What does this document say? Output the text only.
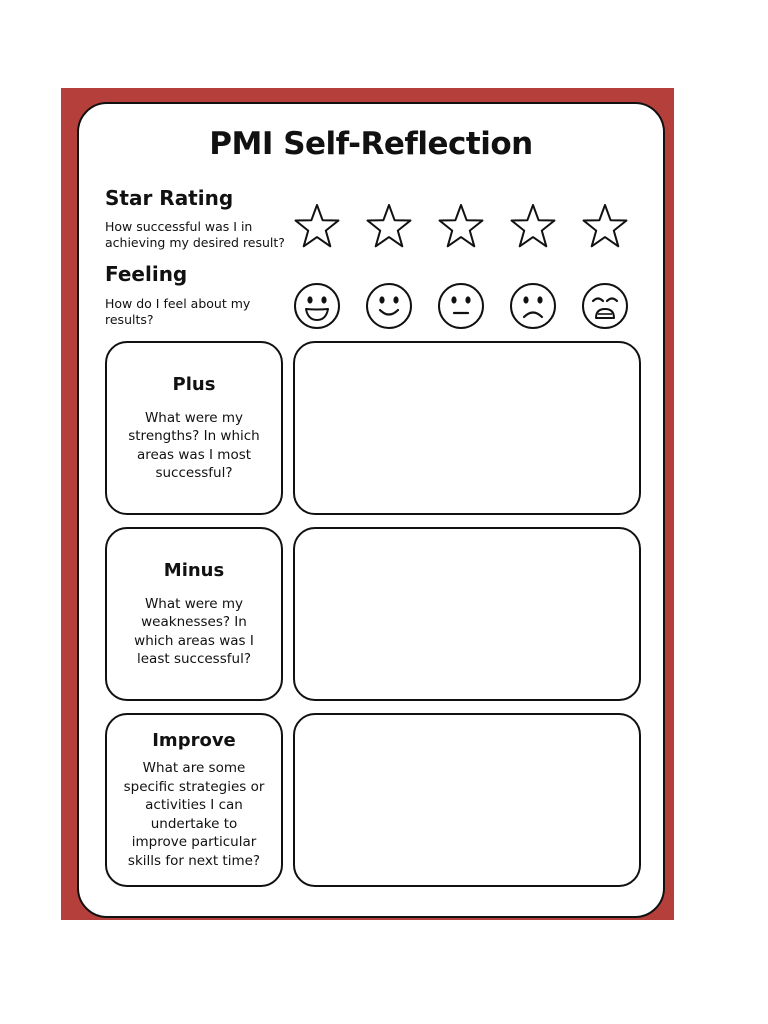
PMI Self-Reflection
Star Rating
How successful was I in achieving my desired result?
Feeling
How do I feel about my results?
Plus
What were my strengths? In which areas was I most successful?
Minus
What were my weaknesses? In which areas was I least successful?
Improve
What are some specific strategies or activities I can undertake to improve particular skills for next time?
